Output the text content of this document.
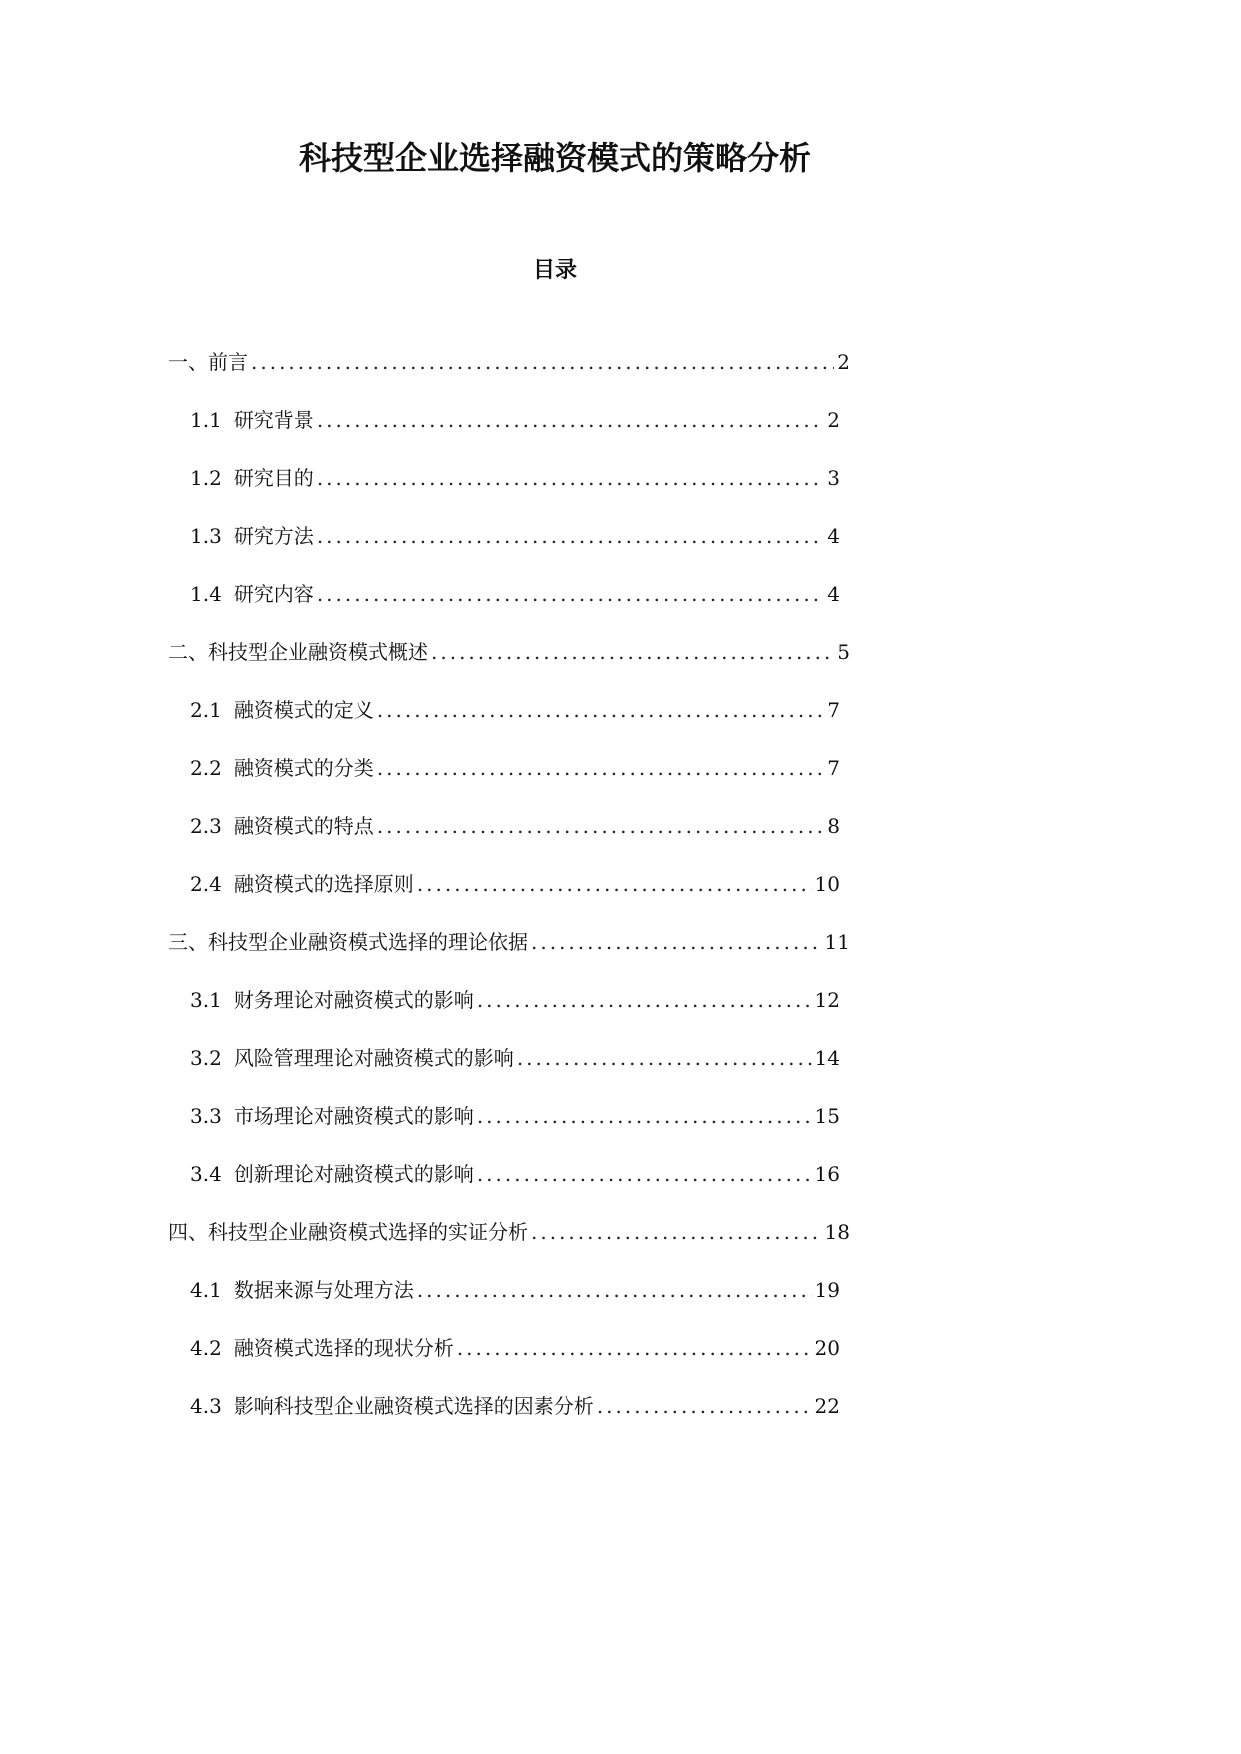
科技型企业选择融资模式的策略分析
目录
一、前言 .....	2
1.1 研究背景 .....	2
1.2 研究目的 .....	3
1.3 研究方法 .....	4
1.4 研究内容 .....	4
二、科技型企业融资模式概述 .....	5
2.1 融资模式的定义 .....	7
2.2 融资模式的分类 .....	7
2.3 融资模式的特点 .....	8
2.4 融资模式的选择原则 .....	10
三、科技型企业融资模式选择的理论依据 .....	11
3.1 财务理论对融资模式的影响 .....	12
3.2 风险管理理论对融资模式的影响 .....	14
3.3 市场理论对融资模式的影响 .....	15
3.4 创新理论对融资模式的影响 .....	16
四、科技型企业融资模式选择的实证分析 .....	18
4.1 数据来源与处理方法 .....	19
4.2 融资模式选择的现状分析 .....	20
4.3 影响科技型企业融资模式选择的因素分析 .....	22
